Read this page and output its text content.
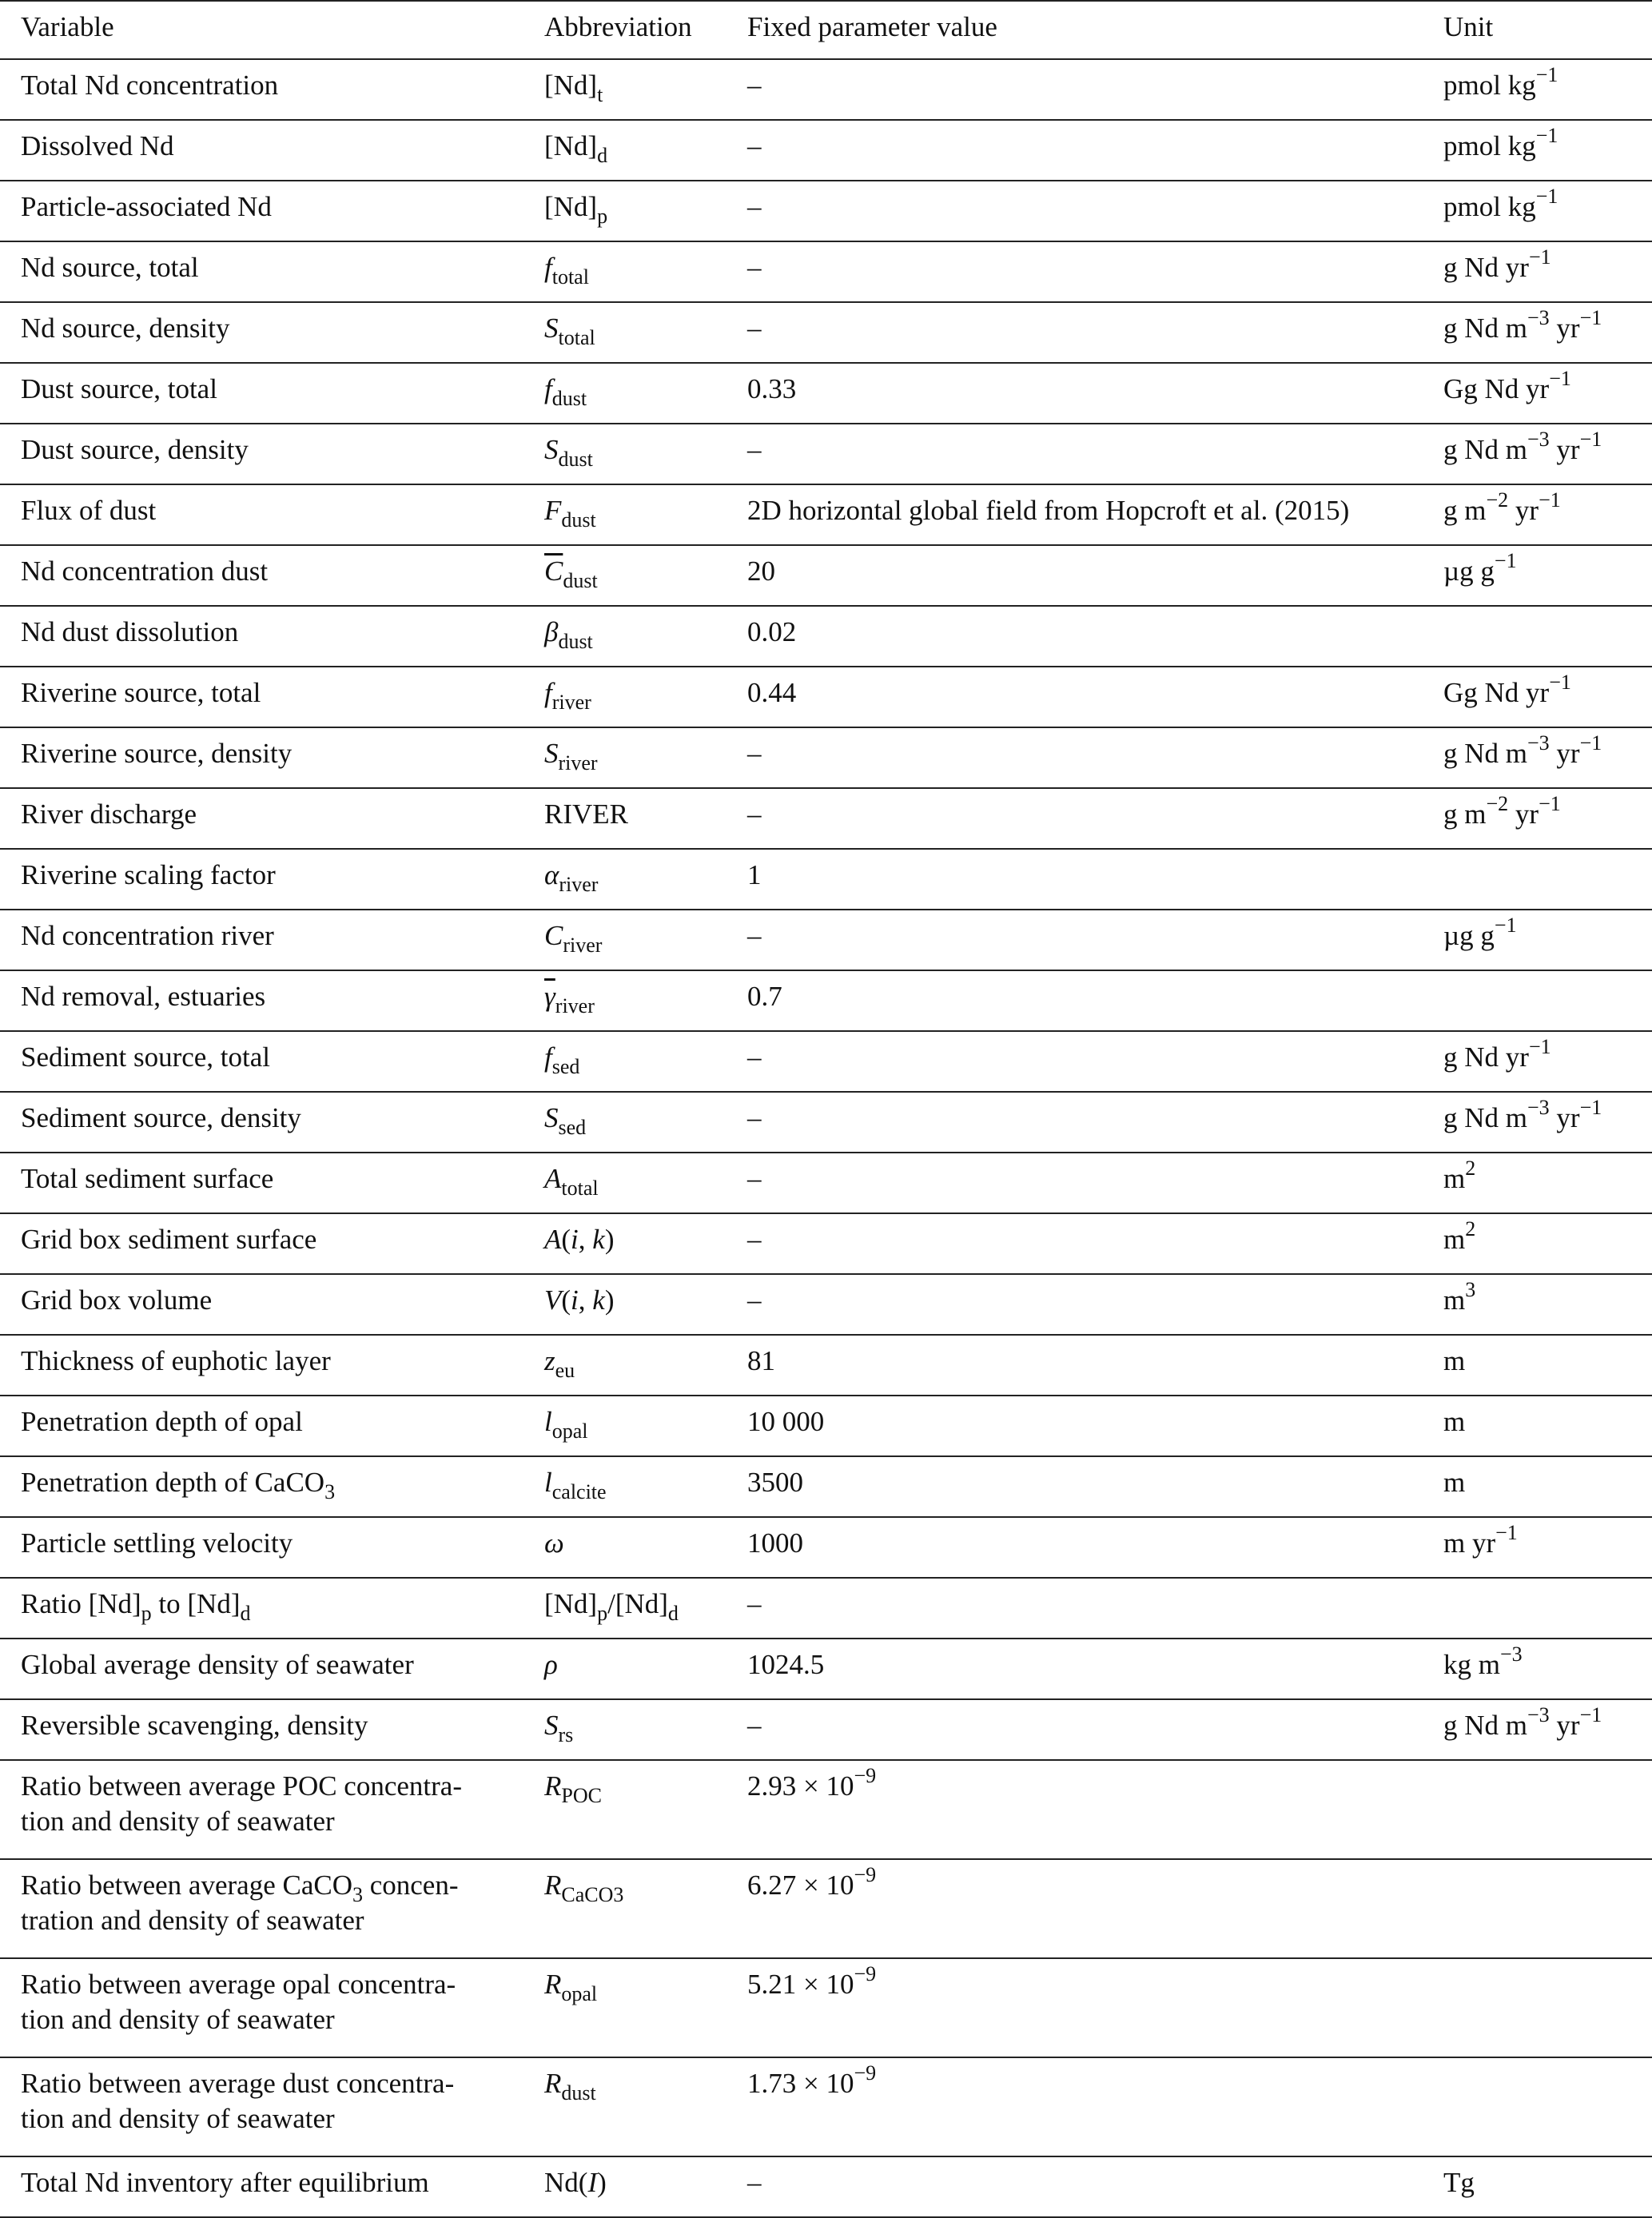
Variable	Abbreviation	Fixed parameter value	Unit
Total Nd concentration	$[Nd]_t$	–	pmol $kg^{-1}$
Dissolved Nd	$[Nd]_d$	–	pmol $kg^{-1}$
Particle-associated Nd	$[Nd]_p$	–	pmol $kg^{-1}$
Nd source, total	$f_{total}$	–	g Nd $yr^{-1}$
Nd source, density	$S_{total}$	–	g Nd $m^{-3}$ $yr^{-1}$
Dust source, total	$f_{dust}$	0.33	Gg Nd $yr^{-1}$
Dust source, density	$S_{dust}$	–	g Nd $m^{-3}$ $yr^{-1}$
Flux of dust	$F_{dust}$	2D horizontal global field from Hopcroft et al. (2015)	g $m^{-2}$ $yr^{-1}$
Nd concentration dust	$\overline{C}_{dust}$	20	µg $g^{-1}$
Nd dust dissolution	$\beta_{dust}$	0.02	
Riverine source, total	$f_{river}$	0.44	Gg Nd $yr^{-1}$
Riverine source, density	$S_{river}$	–	g Nd $m^{-3}$ $yr^{-1}$
River discharge	RIVER	–	g $m^{-2}$ $yr^{-1}$
Riverine scaling factor	$\alpha_{river}$	1	
Nd concentration river	$C_{river}$	–	µg $g^{-1}$
Nd removal, estuaries	$\overline{\gamma}_{river}$	0.7	
Sediment source, total	$f_{sed}$	–	g Nd $yr^{-1}$
Sediment source, density	$S_{sed}$	–	g Nd $m^{-3}$ $yr^{-1}$
Total sediment surface	$A_{total}$	–	$m^2$
Grid box sediment surface	A(i, k)	–	$m^2$
Grid box volume	V(i, k)	–	$m^3$
Thickness of euphotic layer	$z_{eu}$	81	m
Penetration depth of opal	$l_{opal}$	10 000	m
Penetration depth of CaCO$_3$	$l_{calcite}$	3500	m
Particle settling velocity	ω	1000	m $yr^{-1}$
Ratio $[Nd]_p$ to $[Nd]_d$	$[Nd]_p/[Nd]_d$	–	
Global average density of seawater	ρ	1024.5	kg $m^{-3}$
Reversible scavenging, density	$S_{rs}$	–	g Nd $m^{-3}$ $yr^{-1}$
Ratio between average POC concentra-
tion and density of seawater	$R_{POC}$	$2.93 \times 10^{-9}$	
Ratio between average CaCO$_3$ concen-
tration and density of seawater	$R_{CaCO3}$	$6.27 \times 10^{-9}$	
Ratio between average opal concentra-
tion and density of seawater	$R_{opal}$	$5.21 \times 10^{-9}$	
Ratio between average dust concentra-
tion and density of seawater	$R_{dust}$	$1.73 \times 10^{-9}$	
Total Nd inventory after equilibrium	Nd(I)	–	Tg
